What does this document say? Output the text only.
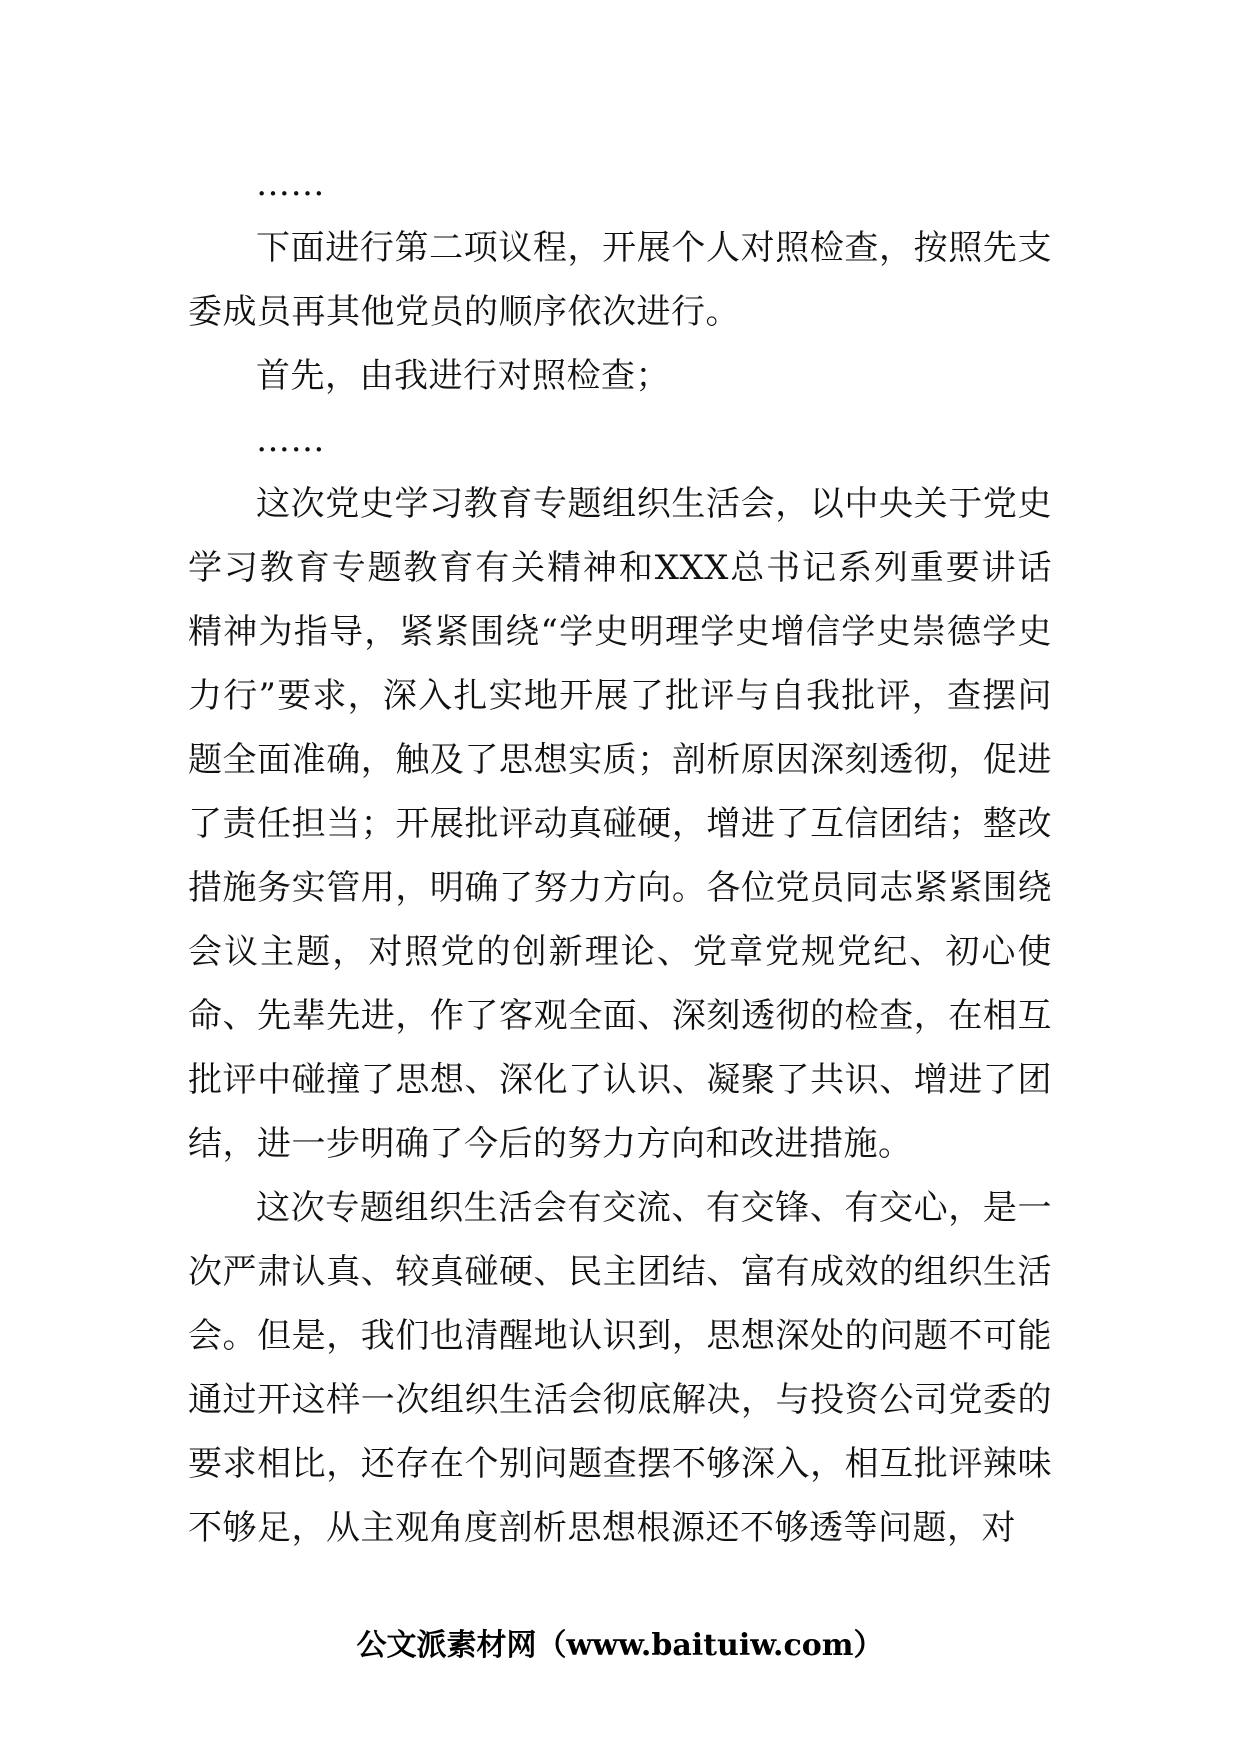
……

下面进行第二项议程，开展个人对照检查，按照先支委成员再其他党员的顺序依次进行。

首先，由我进行对照检查；

……

这次党史学习教育专题组织生活会，以中央关于党史学习教育专题教育有关精神和XXX总书记系列重要讲话精神为指导，紧紧围绕“学史明理学史增信学史崇德学史力行”要求，深入扎实地开展了批评与自我批评，查摆问题全面准确，触及了思想实质；剖析原因深刻透彻，促进了责任担当；开展批评动真碰硬，增进了互信团结；整改措施务实管用，明确了努力方向。各位党员同志紧紧围绕会议主题，对照党的创新理论、党章党规党纪、初心使命、先辈先进，作了客观全面、深刻透彻的检查，在相互批评中碰撞了思想、深化了认识、凝聚了共识、增进了团结，进一步明确了今后的努力方向和改进措施。

这次专题组织生活会有交流、有交锋、有交心，是一次严肃认真、较真碰硬、民主团结、富有成效的组织生活会。但是，我们也清醒地认识到，思想深处的问题不可能通过开这样一次组织生活会彻底解决，与投资公司党委的要求相比，还存在个别问题查摆不够深入，相互批评辣味不够足，从主观角度剖析思想根源还不够透等问题，对

公文派素材网（www.baituiw.com）
